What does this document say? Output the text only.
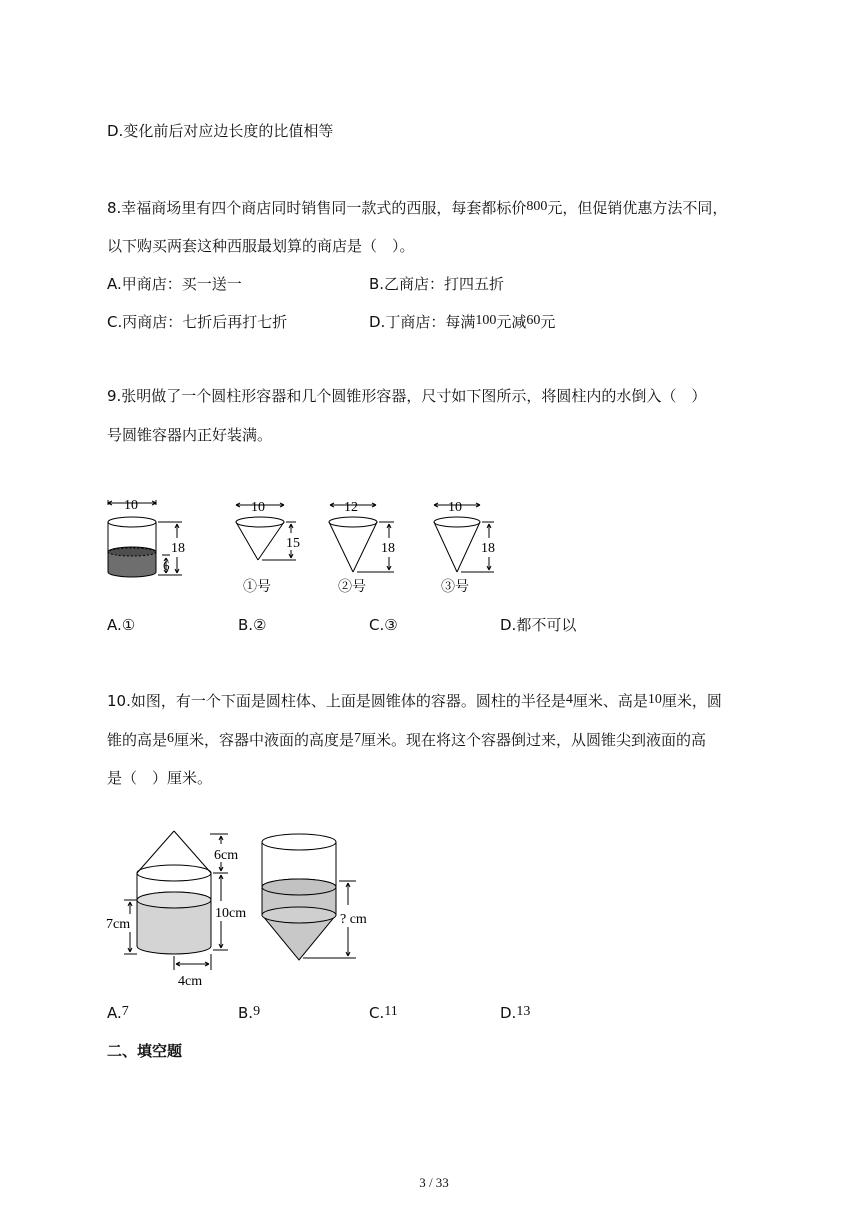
D.变化前后对应边长度的比值相等
8.幸福商场里有四个商店同时销售同一款式的西服，每套都标价800元，但促销优惠方法不同，
以下购买两套这种西服最划算的商店是（　）。
A.甲商店：买一送一	B.乙商店：打四五折
C.丙商店：七折后再打七折	D.丁商店：每满100元减60元
9.张明做了一个圆柱形容器和几个圆锥形容器，尺寸如下图所示，将圆柱内的水倒入（　）
号圆锥容器内正好装满。
10
18
6
10
15
12
18
10
18
①号	②号	③号
A.①	B.②	C.③	D.都不可以
10.如图，有一个下面是圆柱体、上面是圆锥体的容器。圆柱的半径是4厘米、高是10厘米，圆
锥的高是6厘米，容器中液面的高度是7厘米。现在将这个容器倒过来，从圆锥尖到液面的高
是（　）厘米。
6cm
10cm
7cm
4cm
? cm
A.7	B.9	C.11	D.13
二、填空题
3 / 33
